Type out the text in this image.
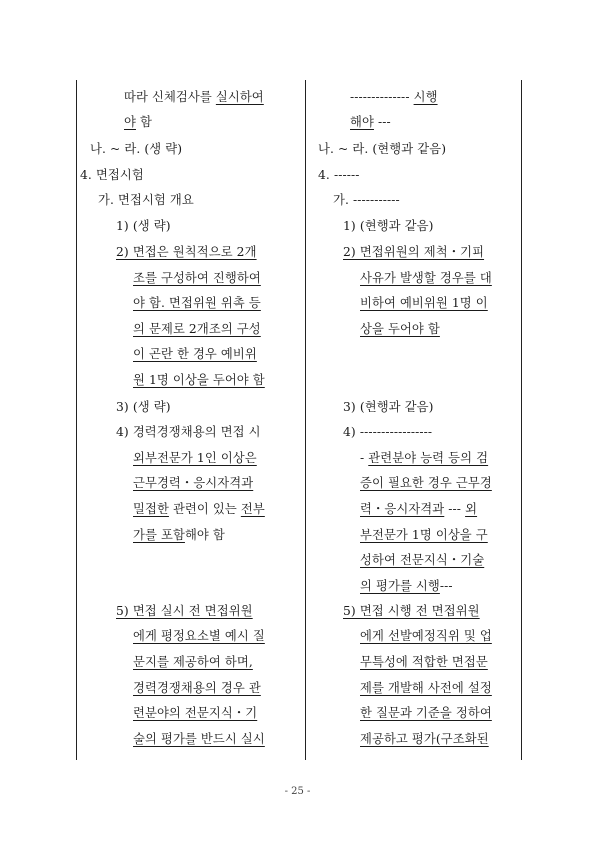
따라 신체검사를 실시하여
야 함
나. ~ 라. (생 략)
4. 면접시험
가. 면접시험 개요
1) (생 략)
2) 면접은 원칙적으로 2개
조를 구성하여 진행하여
야 함. 면접위원 위촉 등
의 문제로 2개조의 구성
이 곤란 한 경우 예비위
원 1명 이상을 두어야 함
3) (생 략)
4) 경력경쟁채용의 면접 시
외부전문가 1인 이상은
근무경력・응시자격과
밀접한 관련이 있는 전부
가를 포함해야 함
5) 면접 실시 전 면접위원
에게 평정요소별 예시 질
문지를 제공하여 하며,
경력경쟁채용의 경우 관
련분야의 전문지식・기
술의 평가를 반드시 실시
-------------- 시행
해야 ---
나. ~ 라. (현행과 같음)
4. ------
가. -----------
1) (현행과 같음)
2) 면접위원의 제척・기피
사유가 발생할 경우를 대
비하여 예비위원 1명 이
상을 두어야 함
3) (현행과 같음)
4) -----------------
- 관련분야 능력 등의 검
증이 필요한 경우 근무경
력・응시자격과 --- 외
부전문가 1명 이상을 구
성하여 전문지식・기술
의 평가를 시행---
5) 면접 시행 전 면접위원
에게 선발예정직위 및 업
무특성에 적합한 면접문
제를 개발해 사전에 설정
한 질문과 기준을 정하여
제공하고 평가(구조화된
- 25 -
